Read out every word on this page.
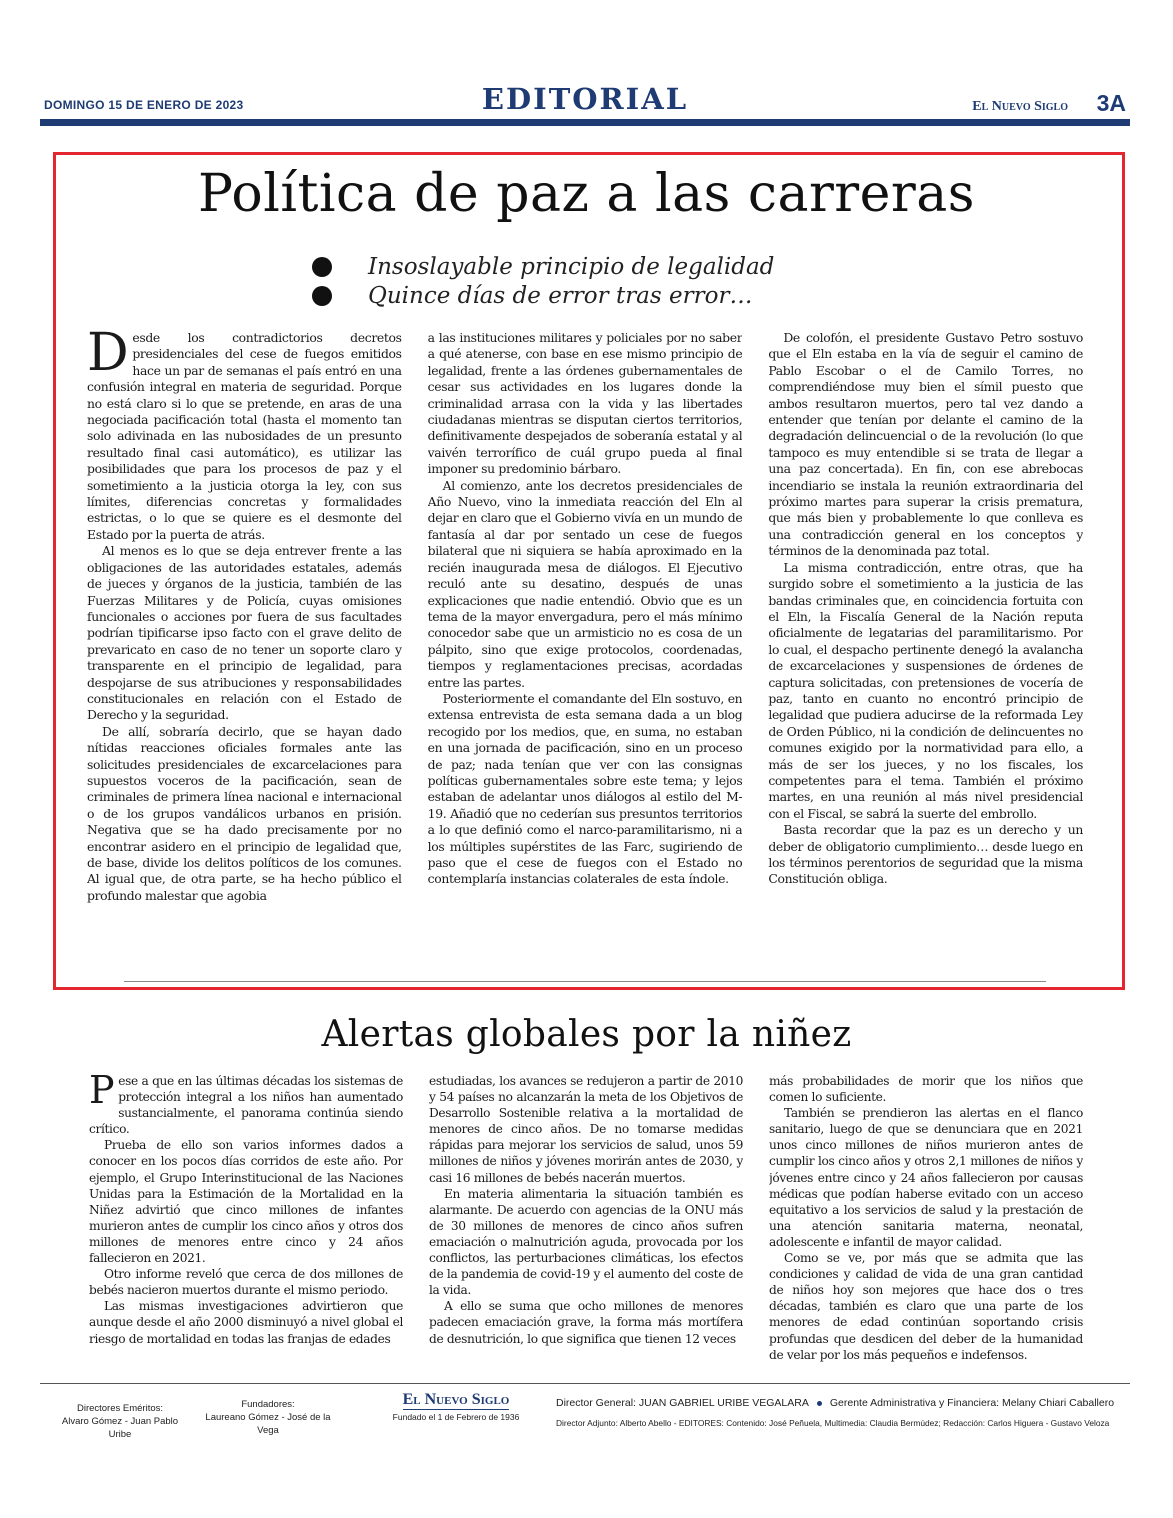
DOMINGO 15 DE ENERO DE 2023	EDITORIAL	El Nuevo Siglo 3A
Política de paz a las carreras
Insoslayable principio de legalidad
Quince días de error tras error…

Desde los contradictorios decretos presidenciales del cese de fuegos emitidos hace un par de semanas el país entró en una confusión integral en materia de seguridad. Porque no está claro si lo que se pretende, en aras de una negociada pacificación total (hasta el momento tan solo adivinada en las nubosidades de un presunto resultado final casi automático), es utilizar las posibilidades que para los procesos de paz y el sometimiento a la justicia otorga la ley, con sus límites, diferencias concretas y formalidades estrictas, o lo que se quiere es el desmonte del Estado por la puerta de atrás.

Al menos es lo que se deja entrever frente a las obligaciones de las autoridades estatales, además de jueces y órganos de la justicia, también de las Fuerzas Militares y de Policía, cuyas omisiones funcionales o acciones por fuera de sus facultades podrían tipificarse ipso facto con el grave delito de prevaricato en caso de no tener un soporte claro y transparente en el principio de legalidad, para despojarse de sus atribuciones y responsabilidades constitucionales en relación con el Estado de Derecho y la seguridad.

De allí, sobraría decirlo, que se hayan dado nítidas reacciones oficiales formales ante las solicitudes presidenciales de excarcelaciones para supuestos voceros de la pacificación, sean de criminales de primera línea nacional e internacional o de los grupos vandálicos urbanos en prisión. Negativa que se ha dado precisamente por no encontrar asidero en el principio de legalidad que, de base, divide los delitos políticos de los comunes. Al igual que, de otra parte, se ha hecho público el profundo malestar que agobia

a las instituciones militares y policiales por no saber a qué atenerse, con base en ese mismo principio de legalidad, frente a las órdenes gubernamentales de cesar sus actividades en los lugares donde la criminalidad arrasa con la vida y las libertades ciudadanas mientras se disputan ciertos territorios, definitivamente despejados de soberanía estatal y al vaivén terrorífico de cuál grupo pueda al final imponer su predominio bárbaro.

Al comienzo, ante los decretos presidenciales de Año Nuevo, vino la inmediata reacción del Eln al dejar en claro que el Gobierno vivía en un mundo de fantasía al dar por sentado un cese de fuegos bilateral que ni siquiera se había aproximado en la recién inaugurada mesa de diálogos. El Ejecutivo reculó ante su desatino, después de unas explicaciones que nadie entendió. Obvio que es un tema de la mayor envergadura, pero el más mínimo conocedor sabe que un armisticio no es cosa de un pálpito, sino que exige protocolos, coordenadas, tiempos y reglamentaciones precisas, acordadas entre las partes.

Posteriormente el comandante del Eln sostuvo, en extensa entrevista de esta semana dada a un blog recogido por los medios, que, en suma, no estaban en una jornada de pacificación, sino en un proceso de paz; nada tenían que ver con las consignas políticas gubernamentales sobre este tema; y lejos estaban de adelantar unos diálogos al estilo del M-19. Añadió que no cederían sus presuntos territorios a lo que definió como el narco-paramilitarismo, ni a los múltiples supérstites de las Farc, sugiriendo de paso que el cese de fuegos con el Estado no contemplaría instancias colaterales de esta índole.

De colofón, el presidente Gustavo Petro sostuvo que el Eln estaba en la vía de seguir el camino de Pablo Escobar o el de Camilo Torres, no comprendiéndose muy bien el símil puesto que ambos resultaron muertos, pero tal vez dando a entender que tenían por delante el camino de la degradación delincuencial o de la revolución (lo que tampoco es muy entendible si se trata de llegar a una paz concertada). En fin, con ese abrebocas incendiario se instala la reunión extraordinaria del próximo martes para superar la crisis prematura, que más bien y probablemente lo que conlleva es una contradicción general en los conceptos y términos de la denominada paz total.

La misma contradicción, entre otras, que ha surgido sobre el sometimiento a la justicia de las bandas criminales que, en coincidencia fortuita con el Eln, la Fiscalía General de la Nación reputa oficialmente de legatarias del paramilitarismo. Por lo cual, el despacho pertinente denegó la avalancha de excarcelaciones y suspensiones de órdenes de captura solicitadas, con pretensiones de vocería de paz, tanto en cuanto no encontró principio de legalidad que pudiera aducirse de la reformada Ley de Orden Público, ni la condición de delincuentes no comunes exigido por la normatividad para ello, a más de ser los jueces, y no los fiscales, los competentes para el tema. También el próximo martes, en una reunión al más nivel presidencial con el Fiscal, se sabrá la suerte del embrollo.

Basta recordar que la paz es un derecho y un deber de obligatorio cumplimiento… desde luego en los términos perentorios de seguridad que la misma Constitución obliga.

Alertas globales por la niñez

Pese a que en las últimas décadas los sistemas de protección integral a los niños han aumentado sustancialmente, el panorama continúa siendo crítico.

Prueba de ello son varios informes dados a conocer en los pocos días corridos de este año. Por ejemplo, el Grupo Interinstitucional de las Naciones Unidas para la Estimación de la Mortalidad en la Niñez advirtió que cinco millones de infantes murieron antes de cumplir los cinco años y otros dos millones de menores entre cinco y 24 años fallecieron en 2021.

Otro informe reveló que cerca de dos millones de bebés nacieron muertos durante el mismo periodo.

Las mismas investigaciones advirtieron que aunque desde el año 2000 disminuyó a nivel global el riesgo de mortalidad en todas las franjas de edades

estudiadas, los avances se redujeron a partir de 2010 y 54 países no alcanzarán la meta de los Objetivos de Desarrollo Sostenible relativa a la mortalidad de menores de cinco años. De no tomarse medidas rápidas para mejorar los servicios de salud, unos 59 millones de niños y jóvenes morirán antes de 2030, y casi 16 millones de bebés nacerán muertos.

En materia alimentaria la situación también es alarmante. De acuerdo con agencias de la ONU más de 30 millones de menores de cinco años sufren emaciación o malnutrición aguda, provocada por los conflictos, las perturbaciones climáticas, los efectos de la pandemia de covid-19 y el aumento del coste de la vida.

A ello se suma que ocho millones de menores padecen emaciación grave, la forma más mortífera de desnutrición, lo que significa que tienen 12 veces

más probabilidades de morir que los niños que comen lo suficiente.

También se prendieron las alertas en el flanco sanitario, luego de que se denunciara que en 2021 unos cinco millones de niños murieron antes de cumplir los cinco años y otros 2,1 millones de niños y jóvenes entre cinco y 24 años fallecieron por causas médicas que podían haberse evitado con un acceso equitativo a los servicios de salud y la prestación de una atención sanitaria materna, neonatal, adolescente e infantil de mayor calidad.

Como se ve, por más que se admita que las condiciones y calidad de vida de una gran cantidad de niños hoy son mejores que hace dos o tres décadas, también es claro que una parte de los menores de edad continúan soportando crisis profundas que desdicen del deber de la humanidad de velar por los más pequeños e indefensos.

Directores Eméritos:
Alvaro Gómez - Juan Pablo Uribe
Fundadores:
Laureano Gómez - José de la Vega
El Nuevo Siglo
Fundado el 1 de Febrero de 1936
Director General: JUAN GABRIEL URIBE VEGALARA Gerente Administrativa y Financiera: Melany Chiari Caballero
Director Adjunto: Alberto Abello - EDITORES: Contenido: José Peñuela, Multimedia: Claudia Bermúdez; Redacción: Carlos Higuera - Gustavo Veloza
